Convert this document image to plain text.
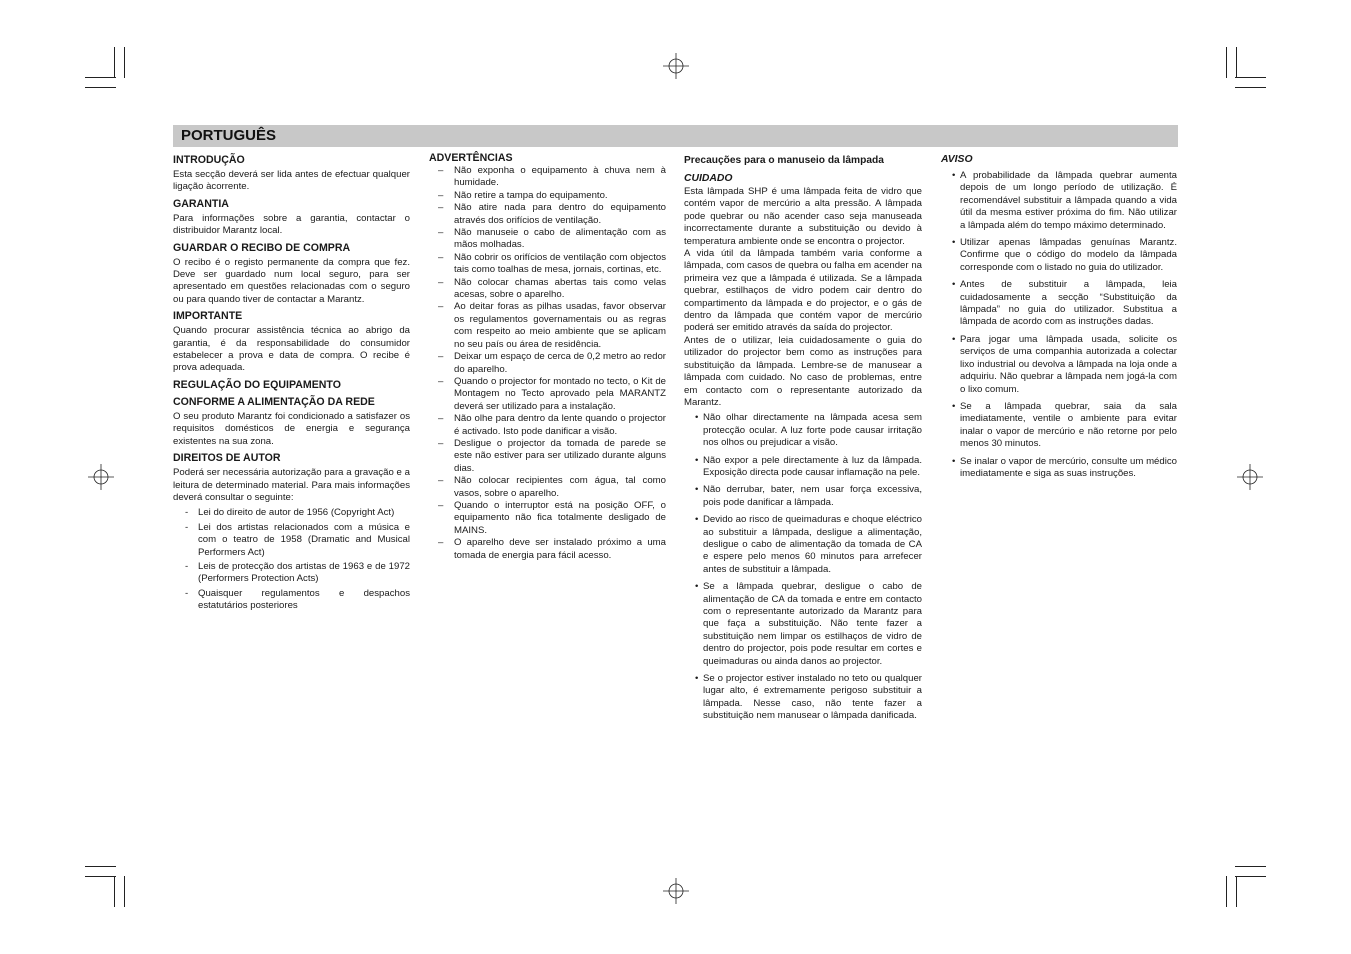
PORTUGUÊS
INTRODUÇÃO

Esta secção deverá ser lida antes de efectuar qualquer ligação àcorrente.

GARANTIA

Para informações sobre a garantia, contactar o distribuidor Marantz local.

GUARDAR O RECIBO DE COMPRA

O recibo é o registo permanente da compra que fez. Deve ser guardado num local seguro, para ser apresentado em questões relacionadas com o seguro ou para quando tiver de contactar a Marantz.

IMPORTANTE

Quando procurar assistência técnica ao abrigo da garantia, é da responsabilidade do consumidor estabelecer a prova e data de compra. O recibe é prova adequada.

REGULAÇÃO DO EQUIPAMENTO
CONFORME A ALIMENTAÇÃO DA REDE

O seu produto Marantz foi condicionado a satisfazer os requisitos domésticos de energia e segurança existentes na sua zona.

DIREITOS DE AUTOR

Poderá ser necessária autorização para a gravação e a leitura de determinado material. Para mais informações deverá consultar o seguinte:

- Lei do direito de autor de 1956 (Copyright Act)
- Lei dos artistas relacionados com a música e com o teatro de 1958 (Dramatic and Musical Performers Act)
- Leis de protecção dos artistas de 1963 e de 1972 (Performers Protection Acts)
- Quaisquer regulamentos e despachos estatutários posteriores
ADVERTÊNCIAS
– Não exponha o equipamento à chuva nem à humidade.
– Não retire a tampa do equipamento.
– Não atire nada para dentro do equipamento através dos orifícios de ventilação.
– Não manuseie o cabo de alimentação com as mãos molhadas.
– Não cobrir os orifícios de ventilação com objectos tais como toalhas de mesa, jornais, cortinas, etc.
– Não colocar chamas abertas tais como velas acesas, sobre o aparelho.
– Ao deitar foras as pilhas usadas, favor observar os regulamentos governamentais ou as regras com respeito ao meio ambiente que se aplicam no seu país ou área de residência.
– Deixar um espaço de cerca de 0,2 metro ao redor do aparelho.
– Quando o projector for montado no tecto, o Kit de Montagem no Tecto aprovado pela MARANTZ deverá ser utilizado para a instalação.
– Não olhe para dentro da lente quando o projector é activado. Isto pode danificar a visão.
– Desligue o projector da tomada de parede se este não estiver para ser utilizado durante alguns dias.
– Não colocar recipientes com água, tal como vasos, sobre o aparelho.
– Quando o interruptor está na posição OFF, o equipamento não fica totalmente desligado de MAINS.
– O aparelho deve ser instalado próximo a uma tomada de energia para fácil acesso.
Precauções para o manuseio da lâmpada
CUIDADO

Esta lâmpada SHP é uma lâmpada feita de vidro que contém vapor de mercúrio a alta pressão. A lâmpada pode quebrar ou não acender caso seja manuseada incorrectamente durante a substituição ou devido à temperatura ambiente onde se encontra o projector.

A vida útil da lâmpada também varia conforme a lâmpada, com casos de quebra ou falha em acender na primeira vez que a lâmpada é utilizada. Se a lâmpada quebrar, estilhaços de vidro podem cair dentro do compartimento da lâmpada e do projector, e o gás de dentro da lâmpada que contém vapor de mercúrio poderá ser emitido através da saída do projector.

Antes de o utilizar, leia cuidadosamente o guia do utilizador do projector bem como as instruções para substituição da lâmpada. Lembre-se de manusear a lâmpada com cuidado. No caso de problemas, entre em contacto com o representante autorizado da Marantz.

• Não olhar directamente na lâmpada acesa sem protecção ocular. A luz forte pode causar irritação nos olhos ou prejudicar a visão.
• Não expor a pele directamente à luz da lâmpada. Exposição directa pode causar inflamação na pele.
• Não derrubar, bater, nem usar força excessiva, pois pode danificar a lâmpada.
• Devido ao risco de queimaduras e choque eléctrico ao substituir a lâmpada, desligue a alimentação, desligue o cabo de alimentação da tomada de CA e espere pelo menos 60 minutos para arrefecer antes de substituir a lâmpada.
• Se a lâmpada quebrar, desligue o cabo de alimentação de CA da tomada e entre em contacto com o representante autorizado da Marantz para que faça a substituição. Não tente fazer a substituição nem limpar os estilhaços de vidro de dentro do projector, pois pode resultar em cortes e queimaduras ou ainda danos ao projector.
• Se o projector estiver instalado no teto ou qualquer lugar alto, é extremamente perigoso substituir a lâmpada. Nesse caso, não tente fazer a substituição nem manusear o lâmpada danificada.
AVISO
• A probabilidade da lâmpada quebrar aumenta depois de um longo período de utilização. É recomendável substituir a lâmpada quando a vida útil da mesma estiver próxima do fim. Não utilizar a lâmpada além do tempo máximo determinado.
• Utilizar apenas lâmpadas genuínas Marantz. Confirme que o código do modelo da lâmpada corresponde com o listado no guia do utilizador.
• Antes de substituir a lâmpada, leia cuidadosamente a secção “Substituição da lâmpada” no guia do utilizador. Substitua a lâmpada de acordo com as instruções dadas.
• Para jogar uma lâmpada usada, solicite os serviços de uma companhia autorizada a colectar lixo industrial ou devolva a lâmpada na loja onde a adquiriu. Não quebrar a lâmpada nem jogá-la com o lixo comum.
• Se a lâmpada quebrar, saia da sala imediatamente, ventile o ambiente para evitar inalar o vapor de mercúrio e não retorne por pelo menos 30 minutos.
• Se inalar o vapor de mercúrio, consulte um médico imediatamente e siga as suas instruções.
